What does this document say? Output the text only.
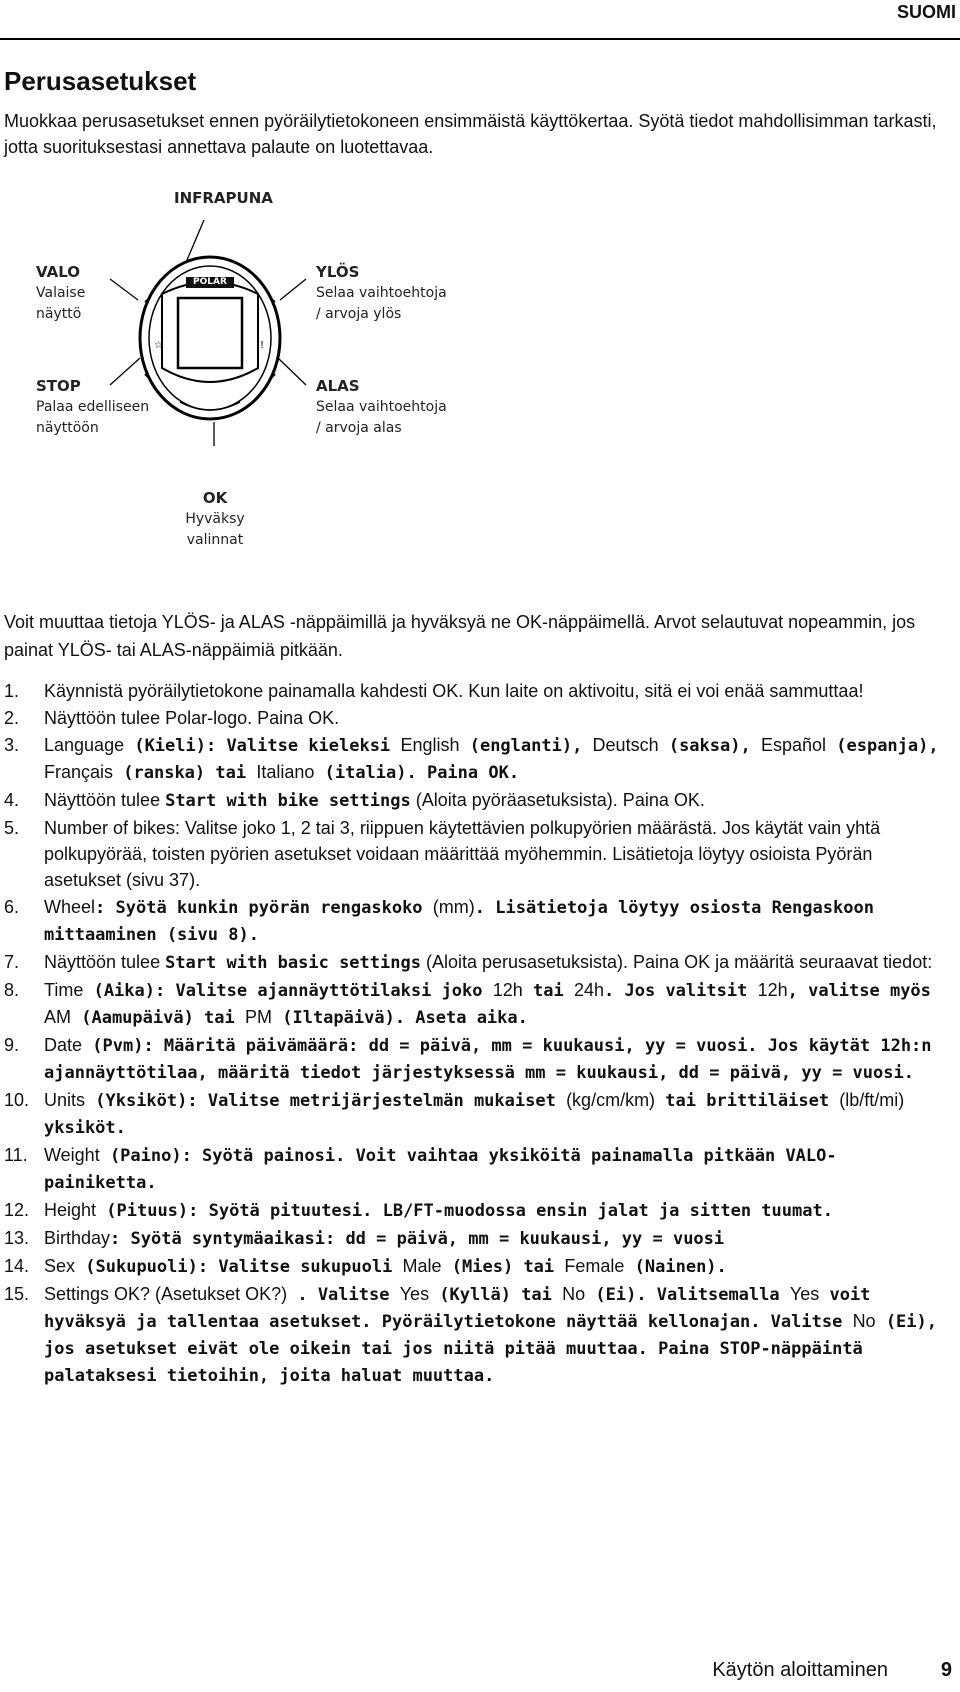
SUOMI
Perusasetukset

Muokkaa perusasetukset ennen pyöräilytietokoneen ensimmäistä käyttökertaa. Syötä tiedot mahdollisimman tarkasti, jotta suorituksestasi annettava palaute on luotettavaa.

☆	!
POLAR
INFRAPUNA
VALO
Valaise
näyttö
YLÖS
Selaa vaihtoehtoja
/ arvoja ylös
STOP
Palaa edelliseen
näyttöön
ALAS
Selaa vaihtoehtoja
/ arvoja alas
OK
Hyväksy valinnat

Voit muuttaa tietoja YLÖS- ja ALAS -näppäimillä ja hyväksyä ne OK-näppäimellä. Arvot selautuvat nopeammin, jos painat YLÖS- tai ALAS-näppäimiä pitkään.

1. Käynnistä pyöräilytietokone painamalla kahdesti OK. Kun laite on aktivoitu, sitä ei voi enää sammuttaa!
2. Näyttöön tulee Polar-logo. Paina OK.
3. Language (Kieli): Valitse kieleksi English (englanti), Deutsch (saksa), Español (espanja), Français (ranska) tai Italiano (italia). Paina OK.
4. Näyttöön tulee Start with bike settings (Aloita pyöräasetuksista). Paina OK.
5. Number of bikes: Valitse joko 1, 2 tai 3, riippuen käytettävien polkupyörien määrästä. Jos käytät vain yhtä polkupyörää, toisten pyörien asetukset voidaan määrittää myöhemmin. Lisätietoja löytyy osioista Pyörän asetukset (sivu 37).
6. Wheel: Syötä kunkin pyörän rengaskoko (mm). Lisätietoja löytyy osiosta Rengaskoon mittaaminen (sivu 8).
7. Näyttöön tulee Start with basic settings (Aloita perusasetuksista). Paina OK ja määritä seuraavat tiedot:
8. Time (Aika): Valitse ajannäyttötilaksi joko 12h tai 24h. Jos valitsit 12h, valitse myös AM (Aamupäivä) tai PM (Iltapäivä). Aseta aika.
9. Date (Pvm): Määritä päivämäärä: dd = päivä, mm = kuukausi, yy = vuosi. Jos käytät 12h:n ajannäyttötilaa, määritä tiedot järjestyksessä mm = kuukausi, dd = päivä, yy = vuosi.
10. Units (Yksiköt): Valitse metrijärjestelmän mukaiset (kg/cm/km) tai brittiläiset (lb/ft/mi) yksiköt.
11. Weight (Paino): Syötä painosi. Voit vaihtaa yksiköitä painamalla pitkään VALO-painiketta.
12. Height (Pituus): Syötä pituutesi. LB/FT-muodossa ensin jalat ja sitten tuumat.
13. Birthday: Syötä syntymäaikasi: dd = päivä, mm = kuukausi, yy = vuosi
14. Sex (Sukupuoli): Valitse sukupuoli Male (Mies) tai Female (Nainen).
15. Settings OK? (Asetukset OK?) . Valitse Yes (Kyllä) tai No (Ei). Valitsemalla Yes voit hyväksyä ja tallentaa asetukset. Pyöräilytietokone näyttää kellonajan. Valitse No (Ei), jos asetukset eivät ole oikein tai jos niitä pitää muuttaa. Paina STOP-näppäintä palataksesi tietoihin, joita haluat muuttaa.
Käytön aloittaminen	9
